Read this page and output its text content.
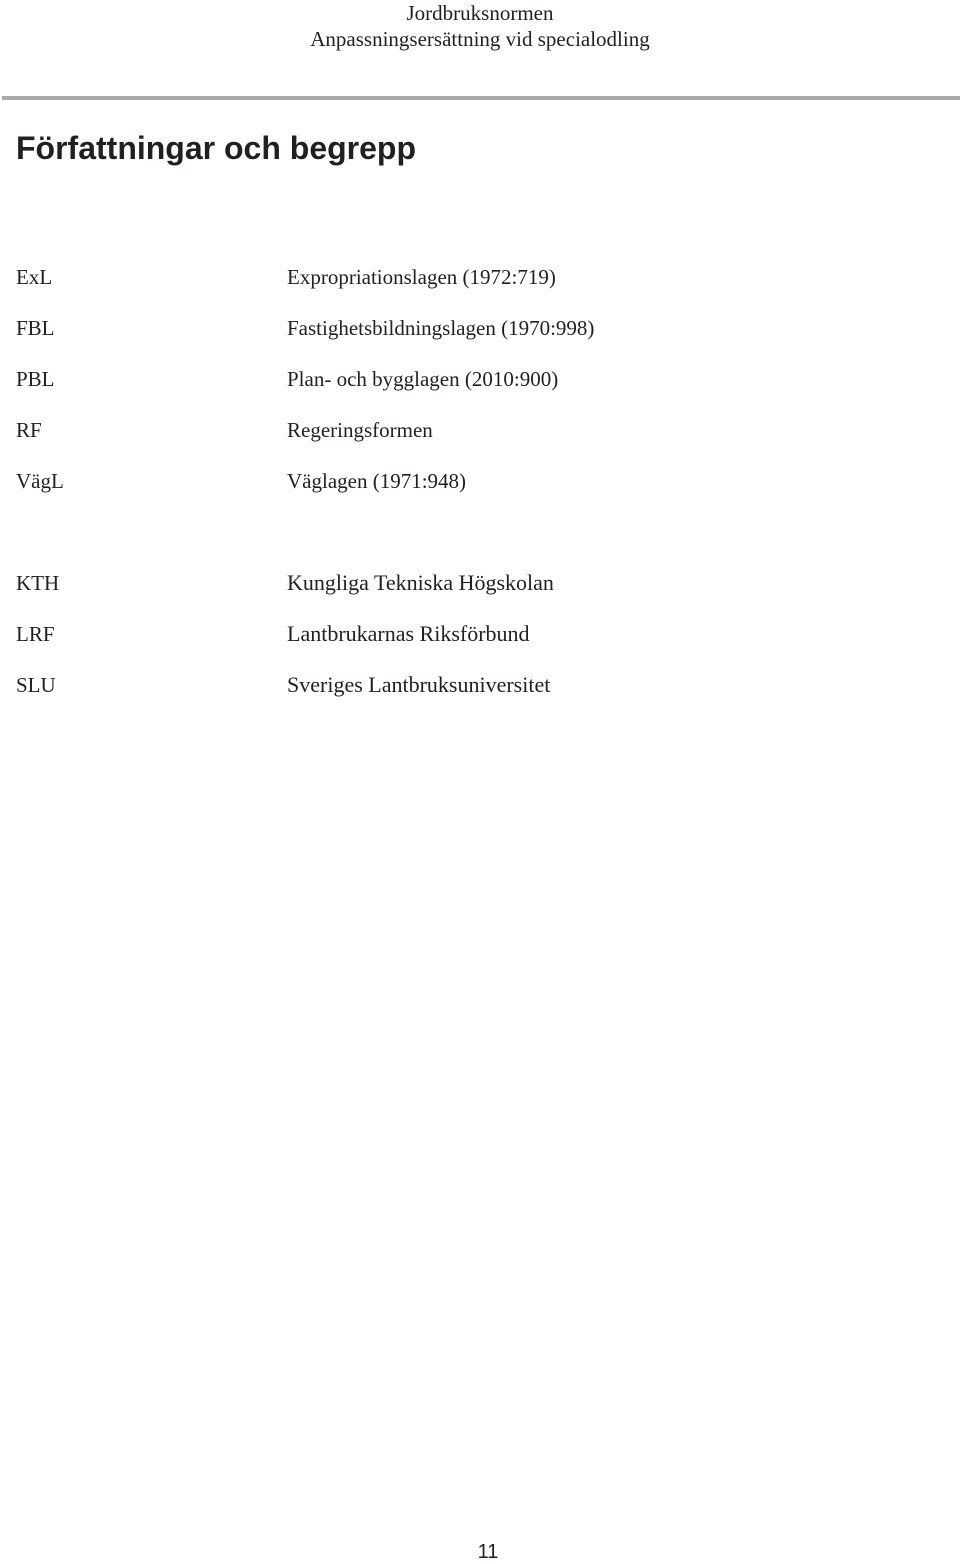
Jordbruksnormen
Anpassningsersättning vid specialodling
Författningar och begrepp
ExL	Expropriationslagen (1972:719)
FBL	Fastighetsbildningslagen (1970:998)
PBL	Plan- och bygglagen (2010:900)
RF	Regeringsformen
VägL	Väglagen (1971:948)
KTH	Kungliga Tekniska Högskolan
LRF	Lantbrukarnas Riksförbund
SLU	Sveriges Lantbruksuniversitet
11
